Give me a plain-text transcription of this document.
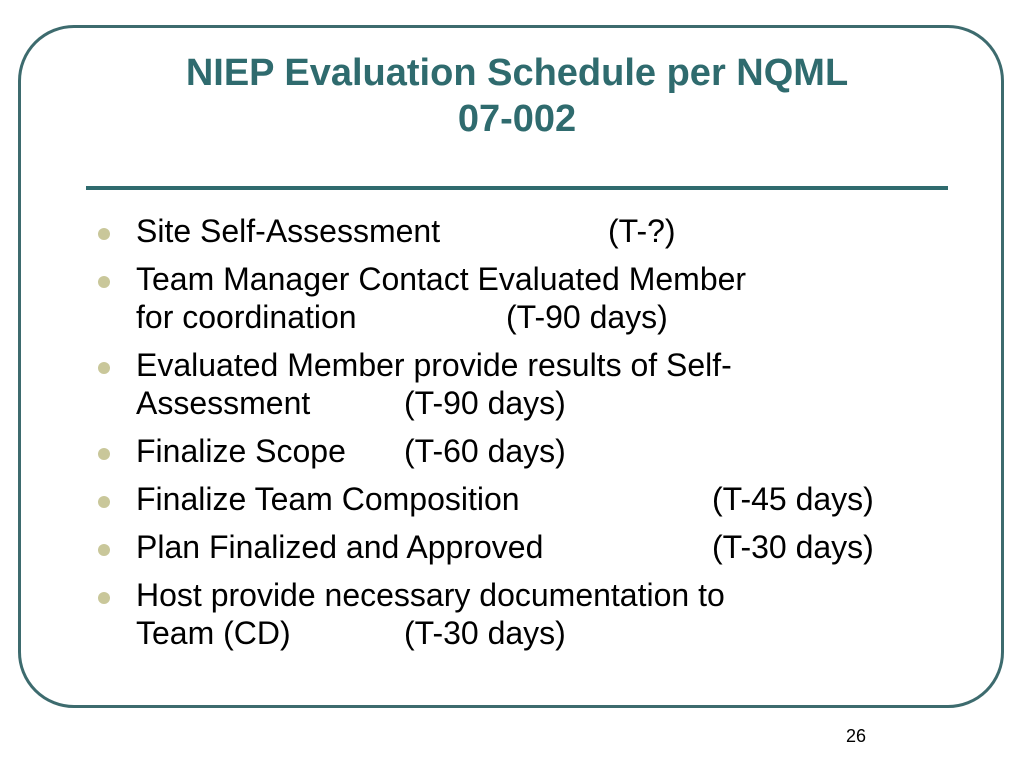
NIEP Evaluation Schedule per NQML
07-002
Site Self-Assessment	(T-?)
Team Manager Contact Evaluated Member
for coordination	(T-90 days)
Evaluated Member provide results of Self-
Assessment	(T-90 days)
Finalize Scope (T-60 days)
Finalize Team Composition	(T-45 days)
Plan Finalized and Approved	(T-30 days)
Host provide necessary documentation to
Team (CD)	(T-30 days)
26
